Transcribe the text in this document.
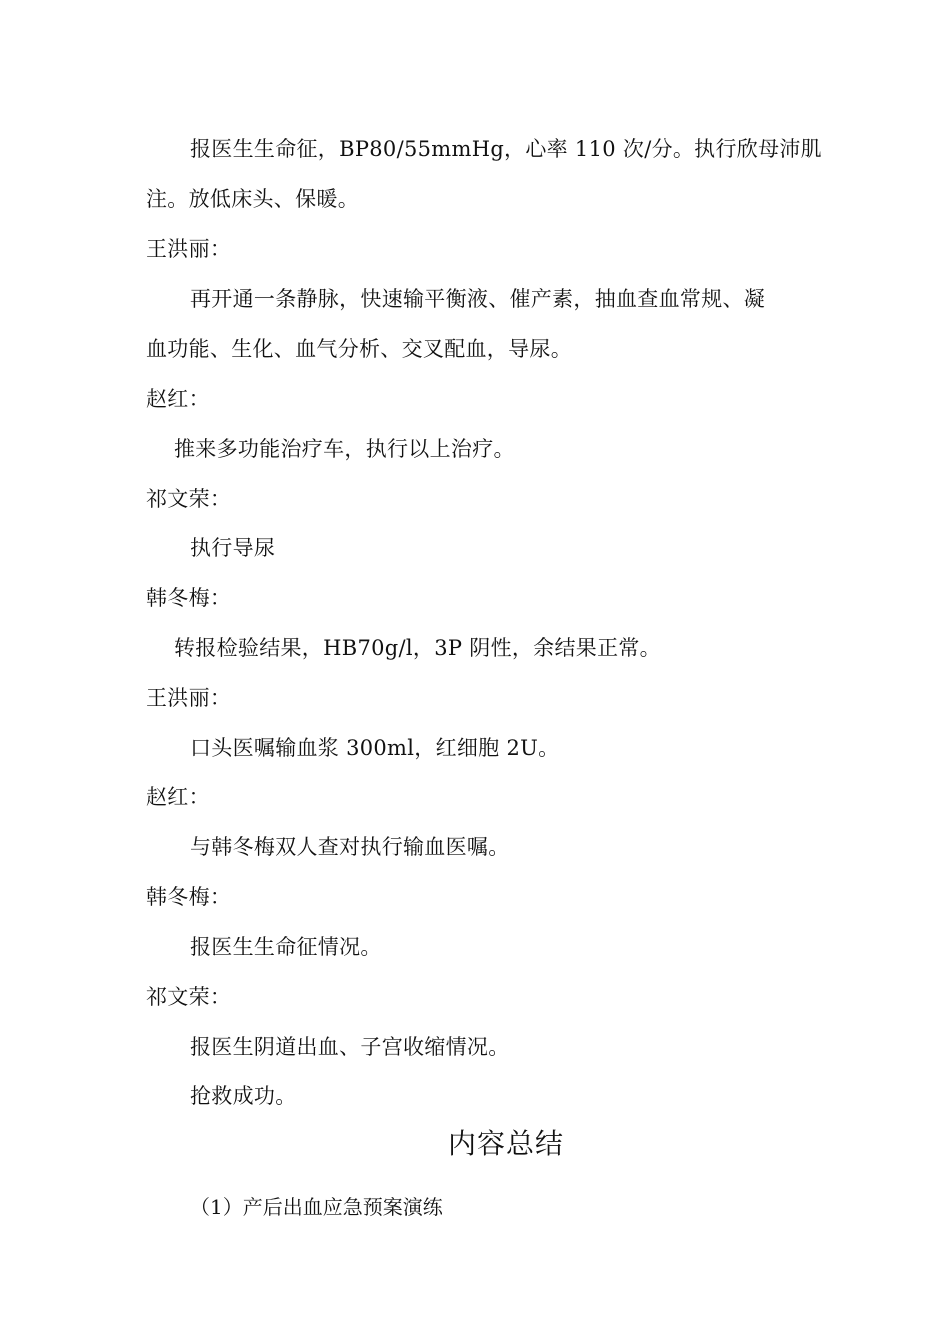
报医生生命征，BP80/55mmHg，心率 110 次/分。执行欣母沛肌
注。放低床头、保暖。
王洪丽：
再开通一条静脉，快速输平衡液、催产素，抽血查血常规、凝
血功能、生化、血气分析、交叉配血，导尿。
赵红：
推来多功能治疗车，执行以上治疗。
祁文荣：
执行导尿
韩冬梅：
转报检验结果，HB70g/l，3P 阴性，余结果正常。
王洪丽：
口头医嘱输血浆 300ml，红细胞 2U。
赵红：
与韩冬梅双人查对执行输血医嘱。
韩冬梅：
报医生生命征情况。
祁文荣：
报医生阴道出血、子宫收缩情况。
抢救成功。
内容总结
（1）产后出血应急预案演练
